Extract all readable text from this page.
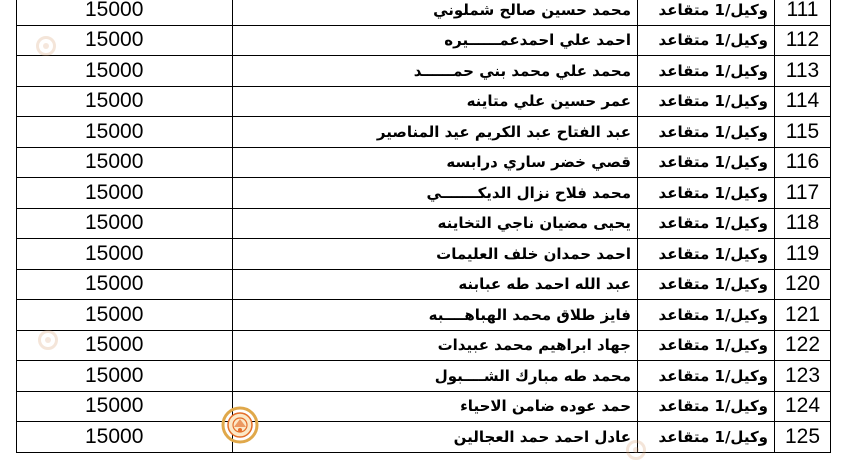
15000	محمد حسين صالح شملوني	وكيل/1 متقاعد	111
15000	احمد علي احمدعمــــــيره	وكيل/1 متقاعد	112
15000	محمد علي محمد بني حمــــــد	وكيل/1 متقاعد	113
15000	عمر حسين علي متاينه	وكيل/1 متقاعد	114
15000	عبد الفتاح عبد الكريم عيد المناصير	وكيل/1 متقاعد	115
15000	قصي خضر ساري درابسه	وكيل/1 متقاعد	116
15000	محمد فلاح نزال الديكـــــــي	وكيل/1 متقاعد	117
15000	يحيى مضيان ناجي التخاينه	وكيل/1 متقاعد	118
15000	احمد حمدان خلف العليمات	وكيل/1 متقاعد	119
15000	عبد الله احمد طه عبابنه	وكيل/1 متقاعد	120
15000	فايز طلاق محمد الهباهــــبه	وكيل/1 متقاعد	121
15000	جهاد ابراهيم محمد عبيدات	وكيل/1 متقاعد	122
15000	محمد طه مبارك الشــــبول	وكيل/1 متقاعد	123
15000	حمد عوده ضامن الاحياء	وكيل/1 متقاعد	124
15000	عادل احمد حمد العجالين	وكيل/1 متقاعد	125
